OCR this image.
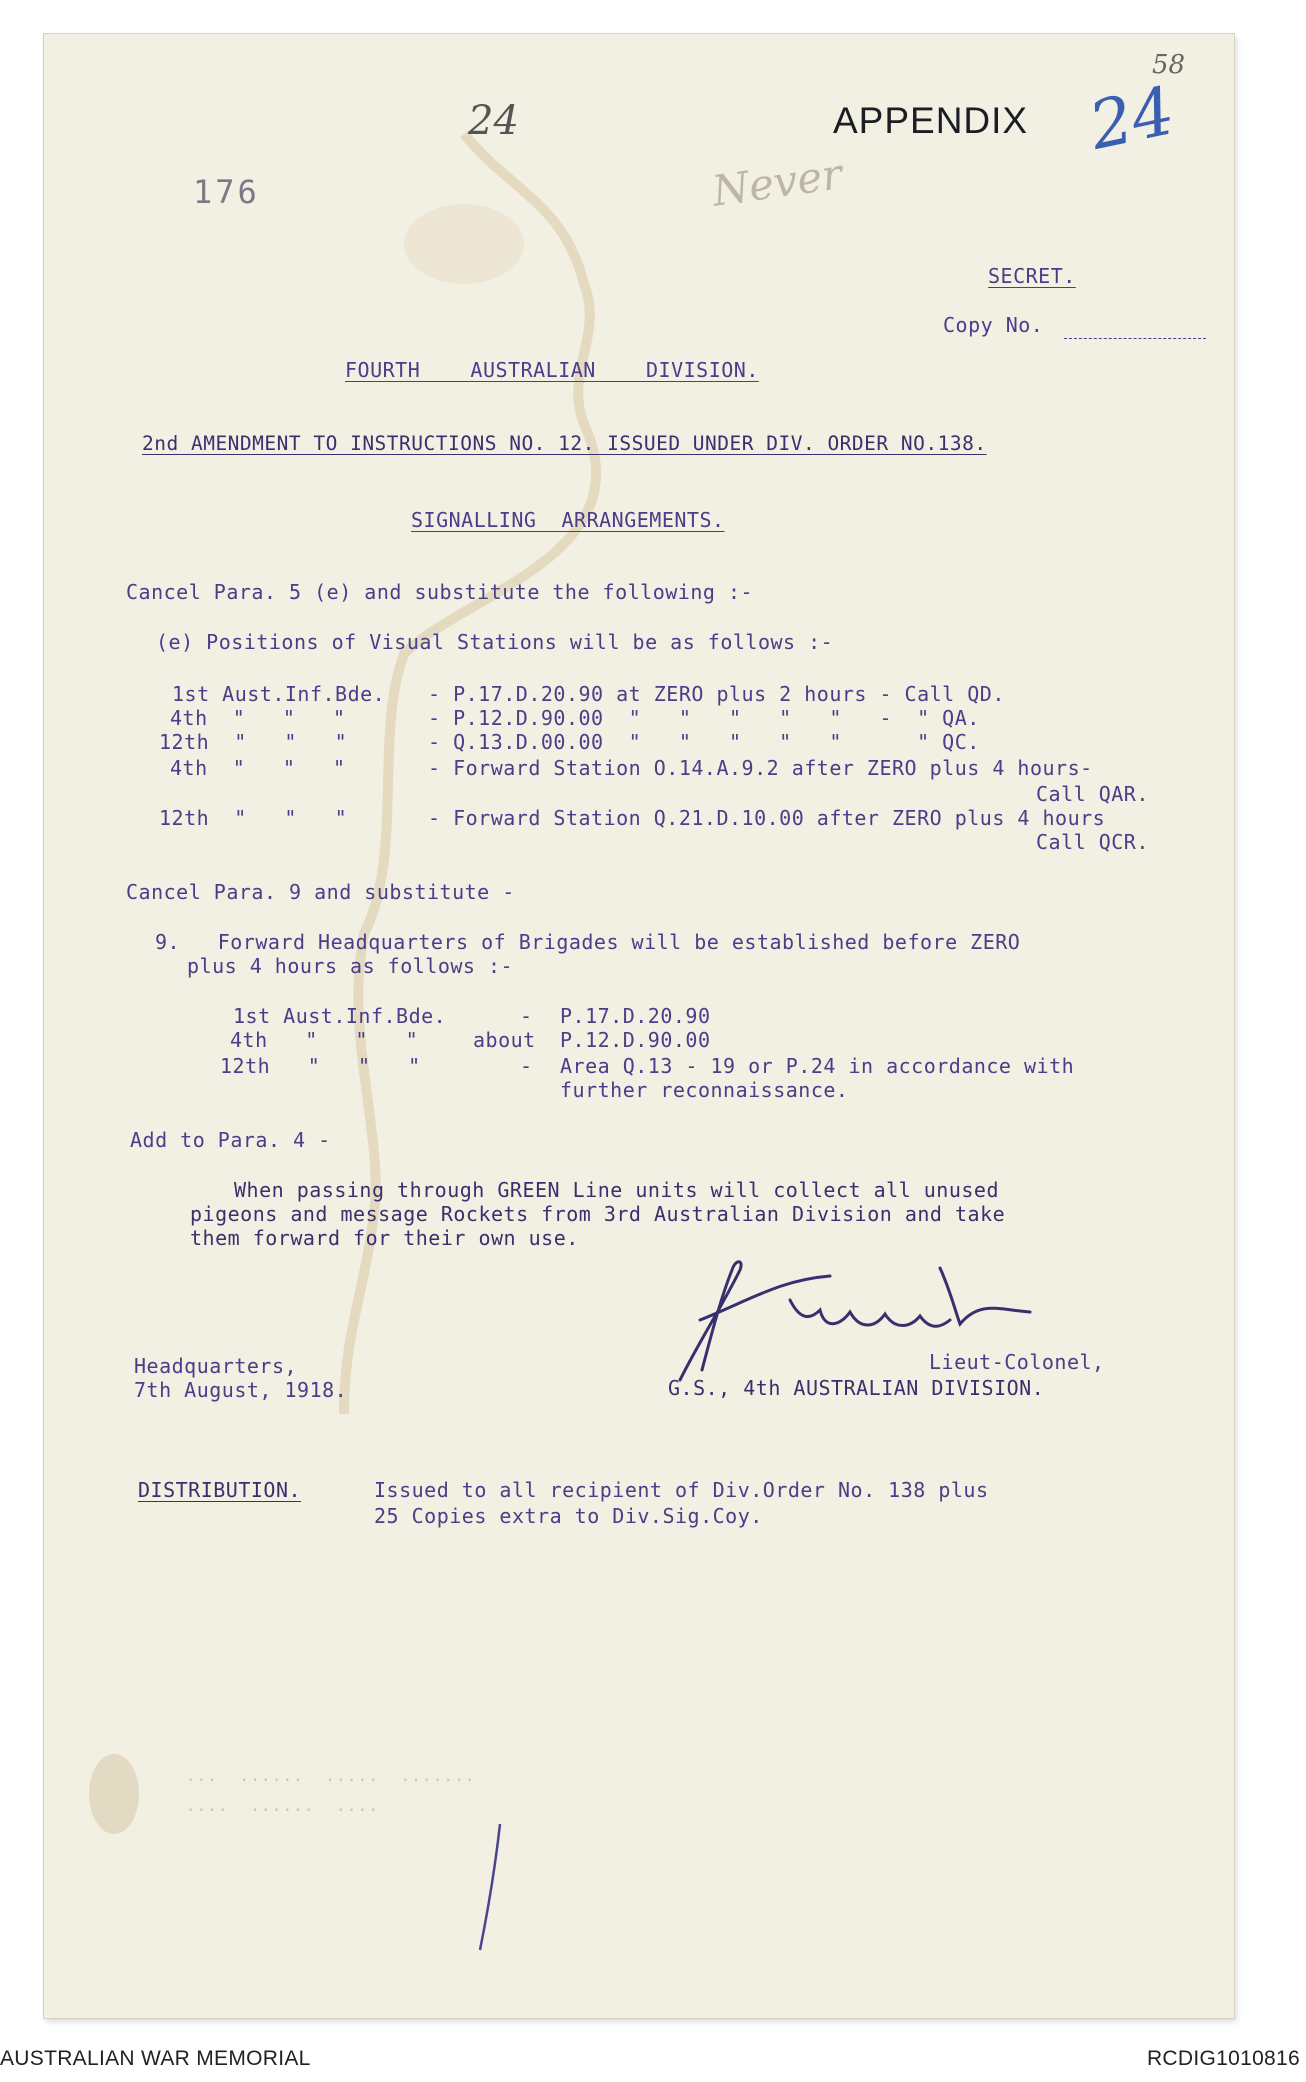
...  ......  .....  .......
....  ......  ....
APPENDIX 24
58
24
Never
176
SECRET.
Copy No.
FOURTH    AUSTRALIAN    DIVISION.
2nd AMENDMENT TO INSTRUCTIONS NO. 12. ISSUED UNDER DIV. ORDER NO.138.
SIGNALLING  ARRANGEMENTS.
Cancel Para. 5 (e) and substitute the following :-
(e) Positions of Visual Stations will be as follows :-
1st Aust.Inf.Bde. - P.17.D.20.90 at ZERO plus 2 hours - Call QD.
4th  "   "   "	- P.12.D.90.00  "   "   "   "   "   -  " QA.
12th  "   "   "	- Q.13.D.00.00  "   "   "   "   "      " QC.
4th  "   "   "	- Forward Station O.14.A.9.2 after ZERO plus 4 hours-
Call QAR.
12th  "   "   "	- Forward Station Q.21.D.10.00 after ZERO plus 4 hours
Call QCR.
Cancel Para. 9 and substitute -
9.   Forward Headquarters of Brigades will be established before ZERO
plus 4 hours as follows :-
1st Aust.Inf.Bde.	- P.17.D.20.90
4th   "   "   "	about P.12.D.90.00
12th   "   "   "	- Area Q.13 - 19 or P.24 in accordance with
further reconnaissance.
Add to Para. 4 -
When passing through GREEN Line units will collect all unused
pigeons and message Rockets from 3rd Australian Division and take
them forward for their own use.	JDLavarack
Lieut-Colonel,
G.S., 4th AUSTRALIAN DIVISION.
Headquarters,
7th August, 1918.
DISTRIBUTION.	Issued to all recipient of Div.Order No. 138 plus
25 Copies extra to Div.Sig.Coy.
AUSTRALIAN WAR MEMORIAL	RCDIG1010816
